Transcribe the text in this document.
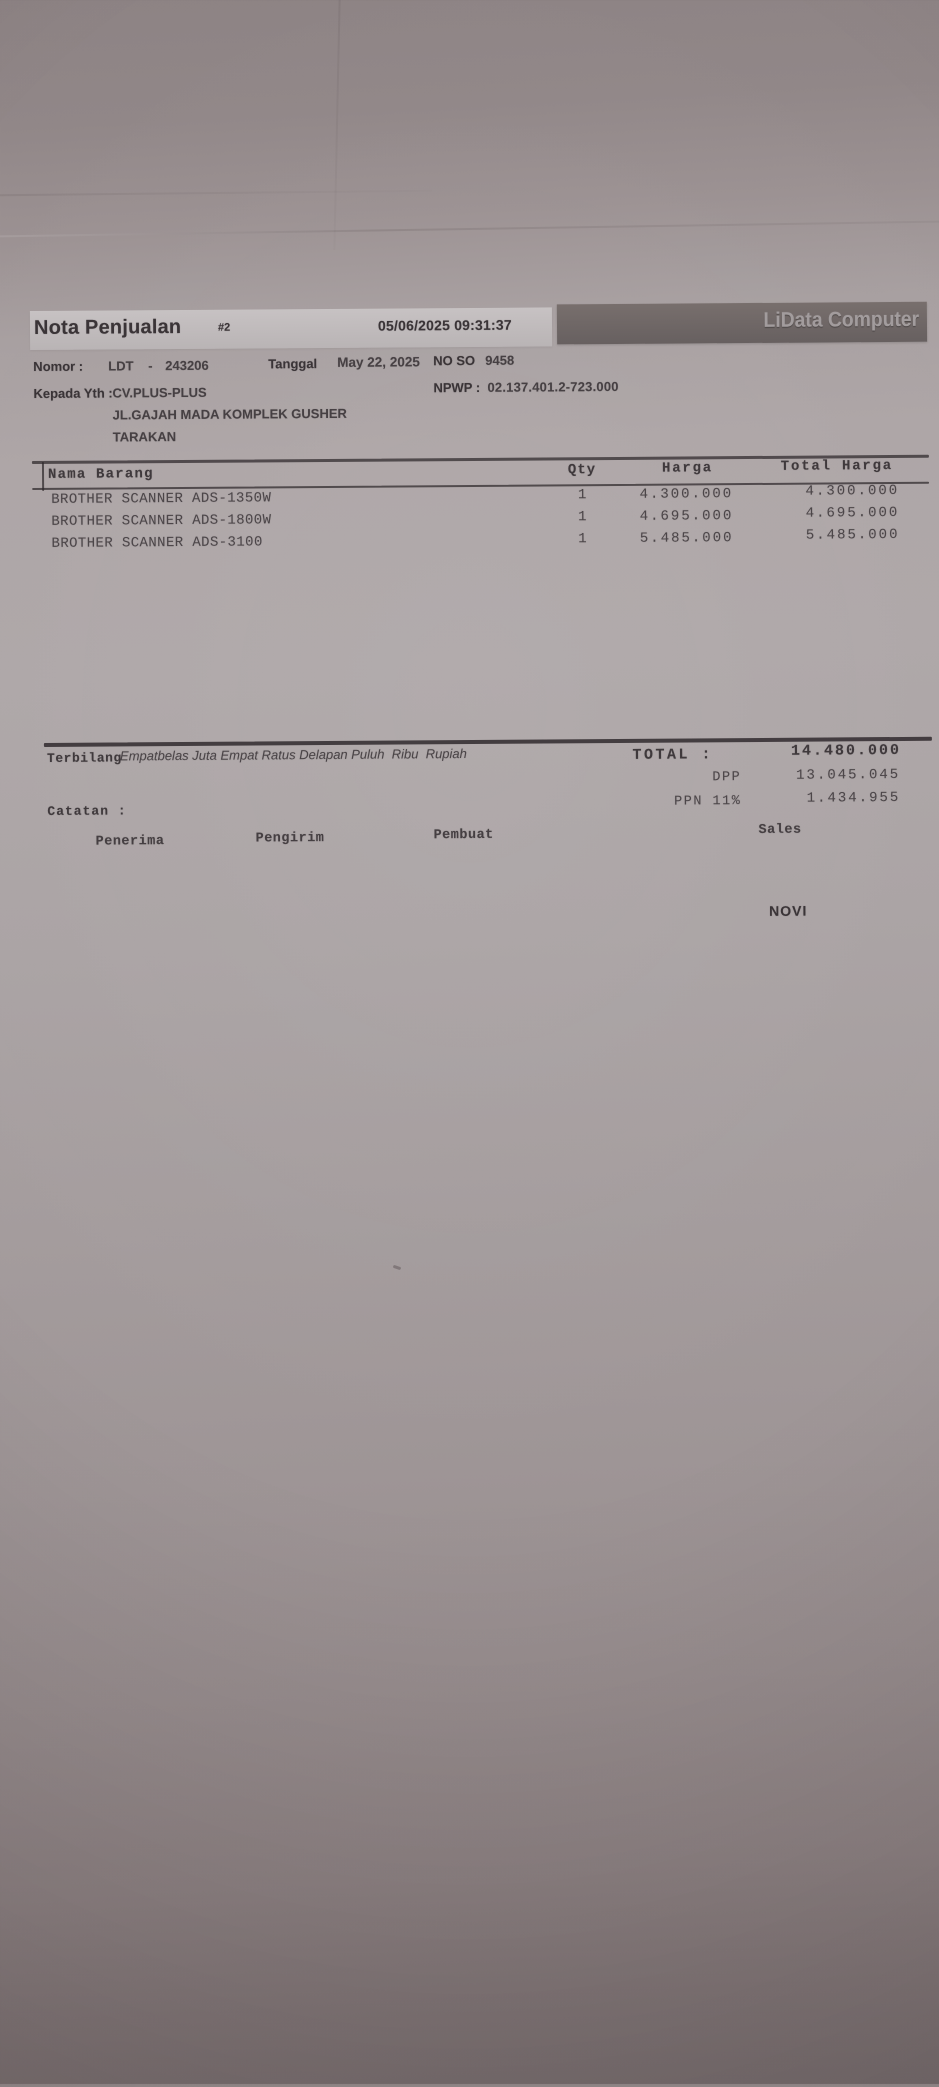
Nota Penjualan	#2	05/06/2025 09:31:37	LiData Computer
Nomor : LDT - 243206	Tanggal May 22, 2025 NO SO 9458
NPWP : 02.137.401.2-723.000
Kepada Yth : CV.PLUS-PLUS
JL.GAJAH MADA KOMPLEK GUSHER
TARAKAN
Nama Barang	Qty	Harga	Total Harga
BROTHER SCANNER ADS-1350W	1	4.300.000	4.300.000
BROTHER SCANNER ADS-1800W	1	4.695.000	4.695.000
BROTHER SCANNER ADS-3100	1	5.485.000	5.485.000
Terbilang
Empatbelas Juta Empat Ratus Delapan Puluh  Ribu  Rupiah	TOTAL :	14.480.000
DPP	13.045.045
PPN 11%	1.434.955
Catatan :
Penerima	Pengirim	Pembuat	Sales
NOVI
